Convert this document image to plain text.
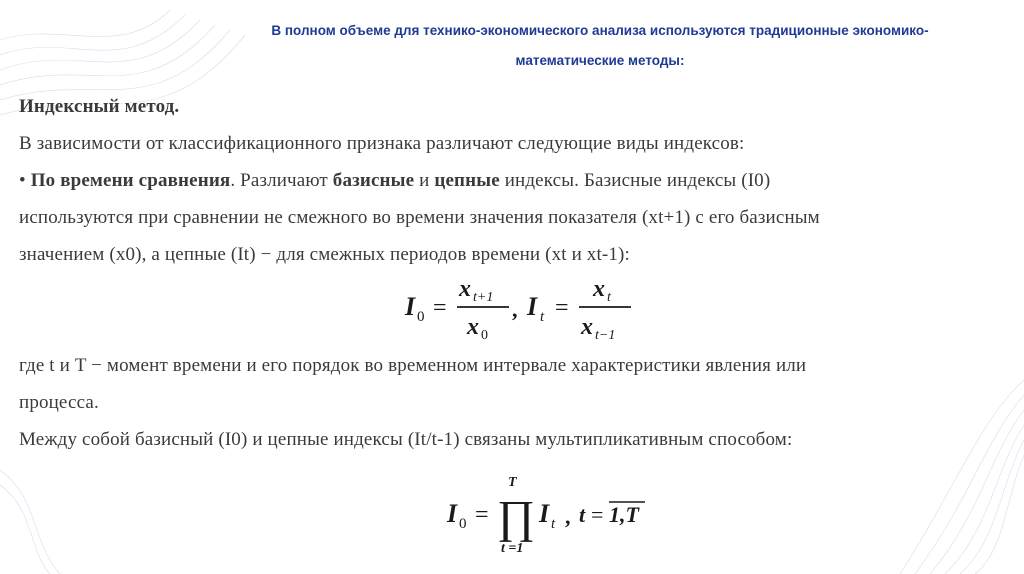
В полном объеме для технико-экономического анализа используются традиционные экономико-
математические методы:

Индексный метод.

В зависимости от классификационного признака различают следующие виды индексов:

• По времени сравнения. Различают базисные и цепные индексы. Базисные индексы (I0)

используются при сравнении не смежного во времени значения показателя (xt+1) с его базисным

значением (x0), а цепные (It) − для смежных периодов времени (xt и xt-1):

где t и T − момент времени и его порядок во временном интервале характеристики явления или

процесса.

Между собой базисный (I0) и цепные индексы (It/t-1) связаны мультипликативным способом:

I 0 =
x t+1
x 0
, I t =
x t
x t−1
I 0 =
T
∏
t =1
I t , t = 1,T
